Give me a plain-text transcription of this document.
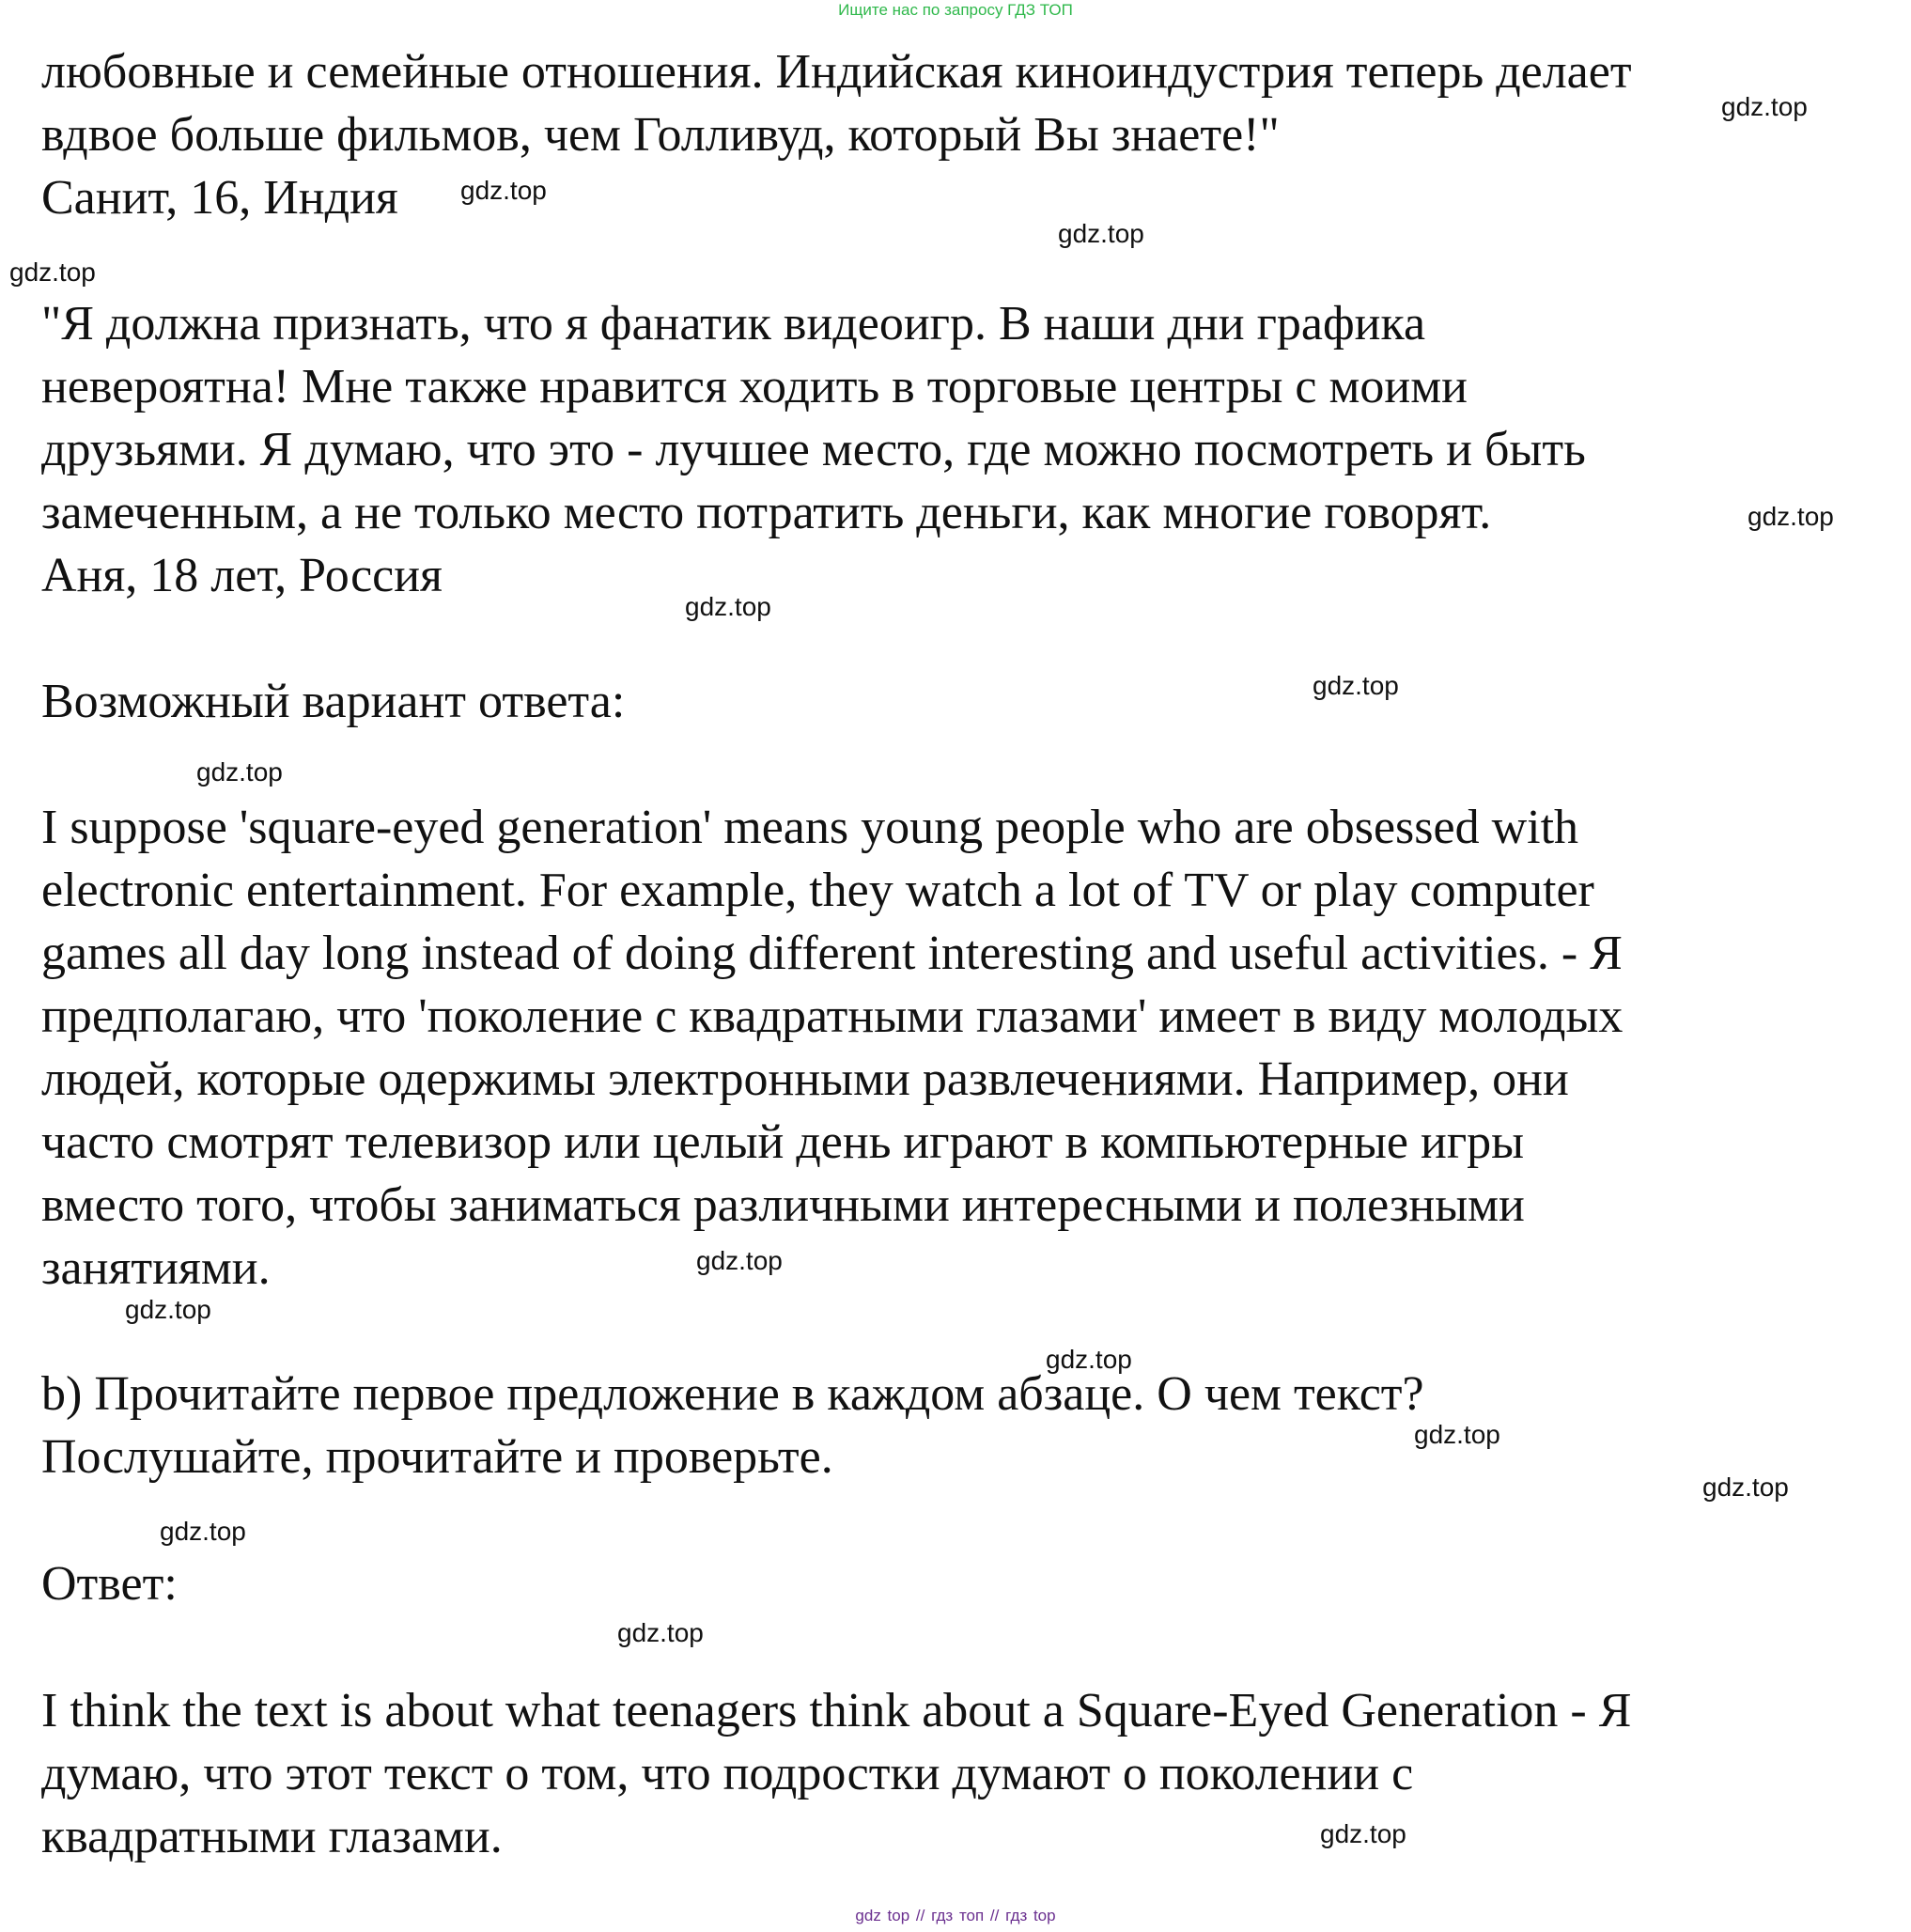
Ищите нас по запросу ГДЗ ТОП
любовные и семейные отношения. Индийская киноиндустрия теперь делает
вдвое больше фильмов, чем Голливуд, который Вы знаете!"
Санит, 16, Индия
"Я должна признать, что я фанатик видеоигр. В наши дни графика
невероятна! Мне также нравится ходить в торговые центры с моими
друзьями. Я думаю, что это - лучшее место, где можно посмотреть и быть
замеченным, а не только место потратить деньги, как многие говорят.
Аня, 18 лет, Россия
Возможный вариант ответа:
I suppose 'square-eyed generation' means young people who are obsessed with
electronic entertainment. For example, they watch a lot of TV or play computer
games all day long instead of doing different interesting and useful activities. - Я
предполагаю, что 'поколение с квадратными глазами' имеет в виду молодых
людей, которые одержимы электронными развлечениями. Например, они
часто смотрят телевизор или целый день играют в компьютерные игры
вместо того, чтобы заниматься различными интересными и полезными
занятиями.
b) Прочитайте первое предложение в каждом абзаце. О чем текст?
Послушайте, прочитайте и проверьте.
Ответ:
I think the text is about what teenagers think about a Square-Eyed Generation - Я
думаю, что этот текст о том, что подростки думают о поколении с
квадратными глазами.
gdz.top
gdz.top
gdz.top
gdz.top
gdz.top
gdz.top
gdz.top
gdz.top
gdz.top
gdz.top
gdz.top
gdz.top
gdz.top
gdz.top
gdz.top
gdz.top
gdz top // гдз топ // гдз top
